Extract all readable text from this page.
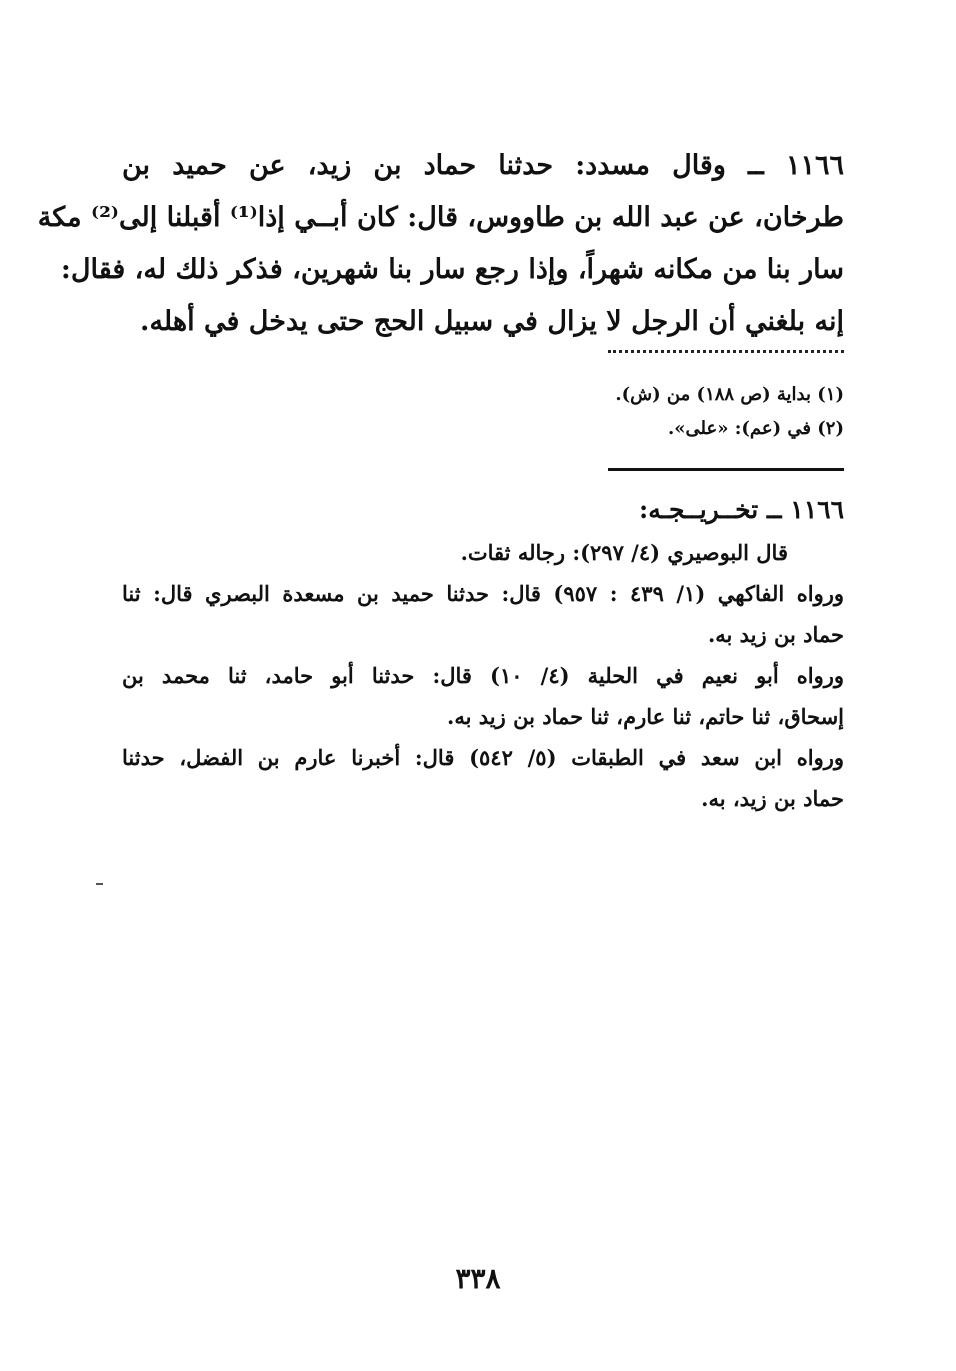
١١٦٦ ــ وقال مسدد: حدثنا حماد بن زيد، عن حميد بن
طرخان، عن عبد الله بن طاووس، قال: كان أبــي إذا⁽¹⁾ أقبلنا إلى⁽²⁾ مكة
سار بنا من مكانه شهراً، وإذا رجع سار بنا شهرين، فذكر ذلك له، فقال:
إنه بلغني أن الرجل لا يزال في سبيل الحج حتى يدخل في أهله.
(١) بداية (ص ١٨٨) من (ش).
(٢) في (عم): «على».
١١٦٦ ــ تخــريــجـه:
قال البوصيري (٤/ ٢٩٧): رجاله ثقات.
ورواه الفاكهي (١/ ٤٣٩ : ٩٥٧) قال: حدثنا حميد بن مسعدة البصري قال: ثنا
حماد بن زيد به.
ورواه أبو نعيم في الحلية (٤/ ١٠) قال: حدثنا أبو حامد، ثنا محمد بن
إسحاق، ثنا حاتم، ثنا عارم، ثنا حماد بن زيد به.
ورواه ابن سعد في الطبقات (٥/ ٥٤٢) قال: أخبرنا عارم بن الفضل، حدثنا
حماد بن زيد، به.
٣٣٨
